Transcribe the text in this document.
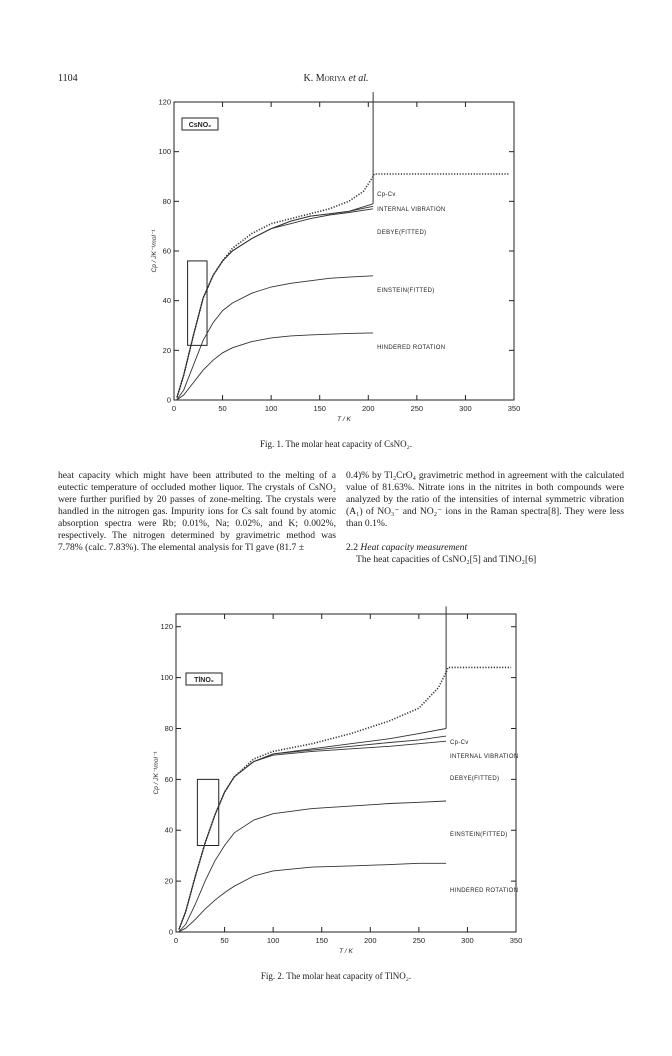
1104	K. Moriya et al.
0	50	100	150	200	250	300	350
0
20
40
60
80
100
120
T / K
Cp / JK⁻¹mol⁻¹
CsNO₂
Cp-Cv
INTERNAL VIBRATION
DEBYE(FITTED)
EINSTEIN(FITTED)
HINDERED ROTATION
Fig. 1. The molar heat capacity of CsNO₂.

heat capacity which might have been attributed to the melting of a eutectic temperature of occluded mother liquor. The crystals of CsNO₂ were further purified by 20 passes of zone-melting. The crystals were handled in the nitrogen gas. Impurity ions for Cs salt found by atomic absorption spectra were Rb; 0.01%, Na; 0.02%, and K; 0.002%, respectively. The nitrogen determined by gravimetric method was 7.78% (calc. 7.83%). The elemental analysis for Tl gave (81.7 ±

0.4)% by Tl₂CrO₄ gravimetric method in agreement with the calculated value of 81.63%. Nitrate ions in the nitrites in both compounds were analyzed by the ratio of the intensities of internal symmetric vibration (A₁) of NO₃⁻ and NO₂⁻ ions in the Raman spectra[8]. They were less than 0.1%.

2.2 Heat capacity measurement

The heat capacities of CsNO₂[5] and TlNO₂[6]

0	50	100	150	200	250	300	350
0
20
40
60
80
100
120
T / K
Cp / JK⁻¹mol⁻¹
TlNO₂
Cp-Cv
INTERNAL VIBRATION
DEBYE(FITTED)
EINSTEIN(FITTED)
HINDERED ROTATION
Fig. 2. The molar heat capacity of TlNO₂.
